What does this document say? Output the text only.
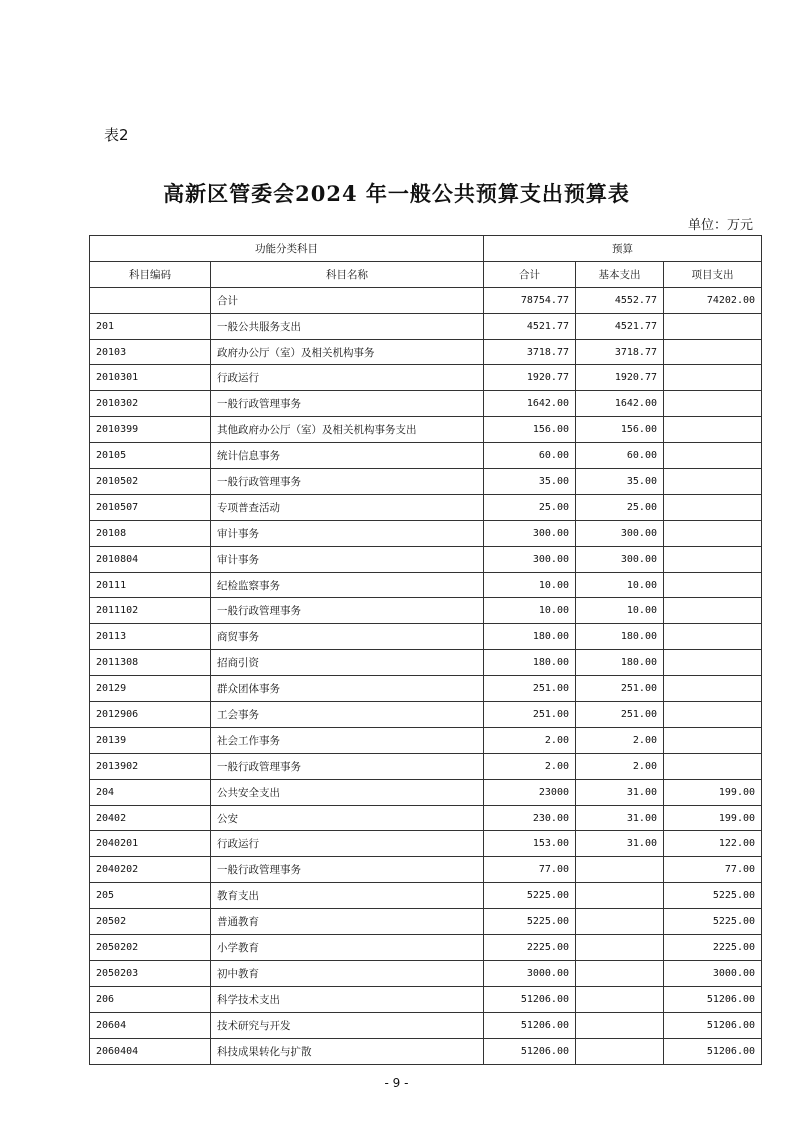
表2
高新区管委会2024 年一般公共预算支出预算表
单位：万元
功能分类科目		预算		
科目编码	科目名称	合计	基本支出	项目支出
	合计	78754.77	4552.77	74202.00
201	一般公共服务支出	4521.77	4521.77	
20103	政府办公厅（室）及相关机构事务	3718.77	3718.77	
2010301	行政运行	1920.77	1920.77	
2010302	一般行政管理事务	1642.00	1642.00	
2010399	其他政府办公厅（室）及相关机构事务支出	156.00	156.00	
20105	统计信息事务	60.00	60.00	
2010502	一般行政管理事务	35.00	35.00	
2010507	专项普查活动	25.00	25.00	
20108	审计事务	300.00	300.00	
2010804	审计事务	300.00	300.00	
20111	纪检监察事务	10.00	10.00	
2011102	一般行政管理事务	10.00	10.00	
20113	商贸事务	180.00	180.00	
2011308	招商引资	180.00	180.00	
20129	群众团体事务	251.00	251.00	
2012906	工会事务	251.00	251.00	
20139	社会工作事务	2.00	2.00	
2013902	一般行政管理事务	2.00	2.00	
204	公共安全支出	23000	31.00	199.00
20402	公安	230.00	31.00	199.00
2040201	行政运行	153.00	31.00	122.00
2040202	一般行政管理事务	77.00		77.00
205	教育支出	5225.00		5225.00
20502	普通教育	5225.00		5225.00
2050202	小学教育	2225.00		2225.00
2050203	初中教育	3000.00		3000.00
206	科学技术支出	51206.00		51206.00
20604	技术研究与开发	51206.00		51206.00
2060404	科技成果转化与扩散	51206.00		51206.00
- 9 -
